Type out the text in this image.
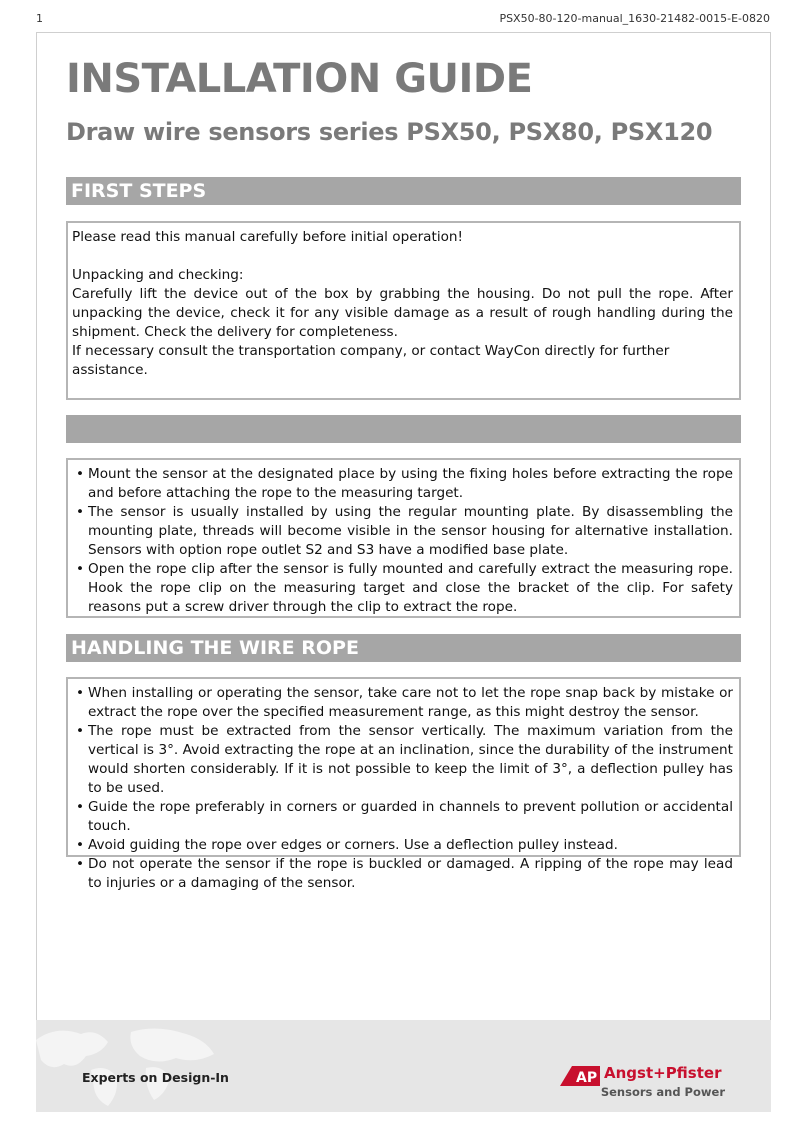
1	PSX50-80-120-manual_1630-21482-0015-E-0820
INSTALLATION GUIDE
Draw wire sensors series PSX50, PSX80, PSX120
FIRST STEPS

Please read this manual carefully before initial operation!

Unpacking and checking:

Carefully lift the device out of the box by grabbing the housing. Do not pull the rope. After unpacking the device, check it for any visible damage as a result of rough handling during the shipment. Check the delivery for completeness.

If necessary consult the transportation company, or contact WayCon directly for further assistance.

• Mount the sensor at the designated place by using the fixing holes before extracting the rope and before attaching the rope to the measuring target.
• The sensor is usually installed by using the regular mounting plate. By disassembling the mounting plate, threads will become visible in the sensor housing for alternative installation. Sensors with option rope outlet S2 and S3 have a modified base plate.
• Open the rope clip after the sensor is fully mounted and carefully extract the measuring rope. Hook the rope clip on the measuring target and close the bracket of the clip. For safety reasons put a screw driver through the clip to extract the rope.
HANDLING THE WIRE ROPE
• When installing or operating the sensor, take care not to let the rope snap back by mistake or extract the rope over the specified measurement range, as this might destroy the sensor.
• The rope must be extracted from the sensor vertically. The maximum variation from the vertical is 3°. Avoid extracting the rope at an inclination, since the durability of the instrument would shorten considerably. If it is not possible to keep the limit of 3°, a deflection pulley has to be used.
• Guide the rope preferably in corners or guarded in channels to prevent pollution or accidental touch.
• Avoid guiding the rope over edges or corners. Use a deflection pulley instead.
• Do not operate the sensor if the rope is buckled or damaged. A ripping of the rope may lead to injuries or a damaging of the sensor.
Experts on Design-In	AP Angst+Pfister
Sensors and Power
